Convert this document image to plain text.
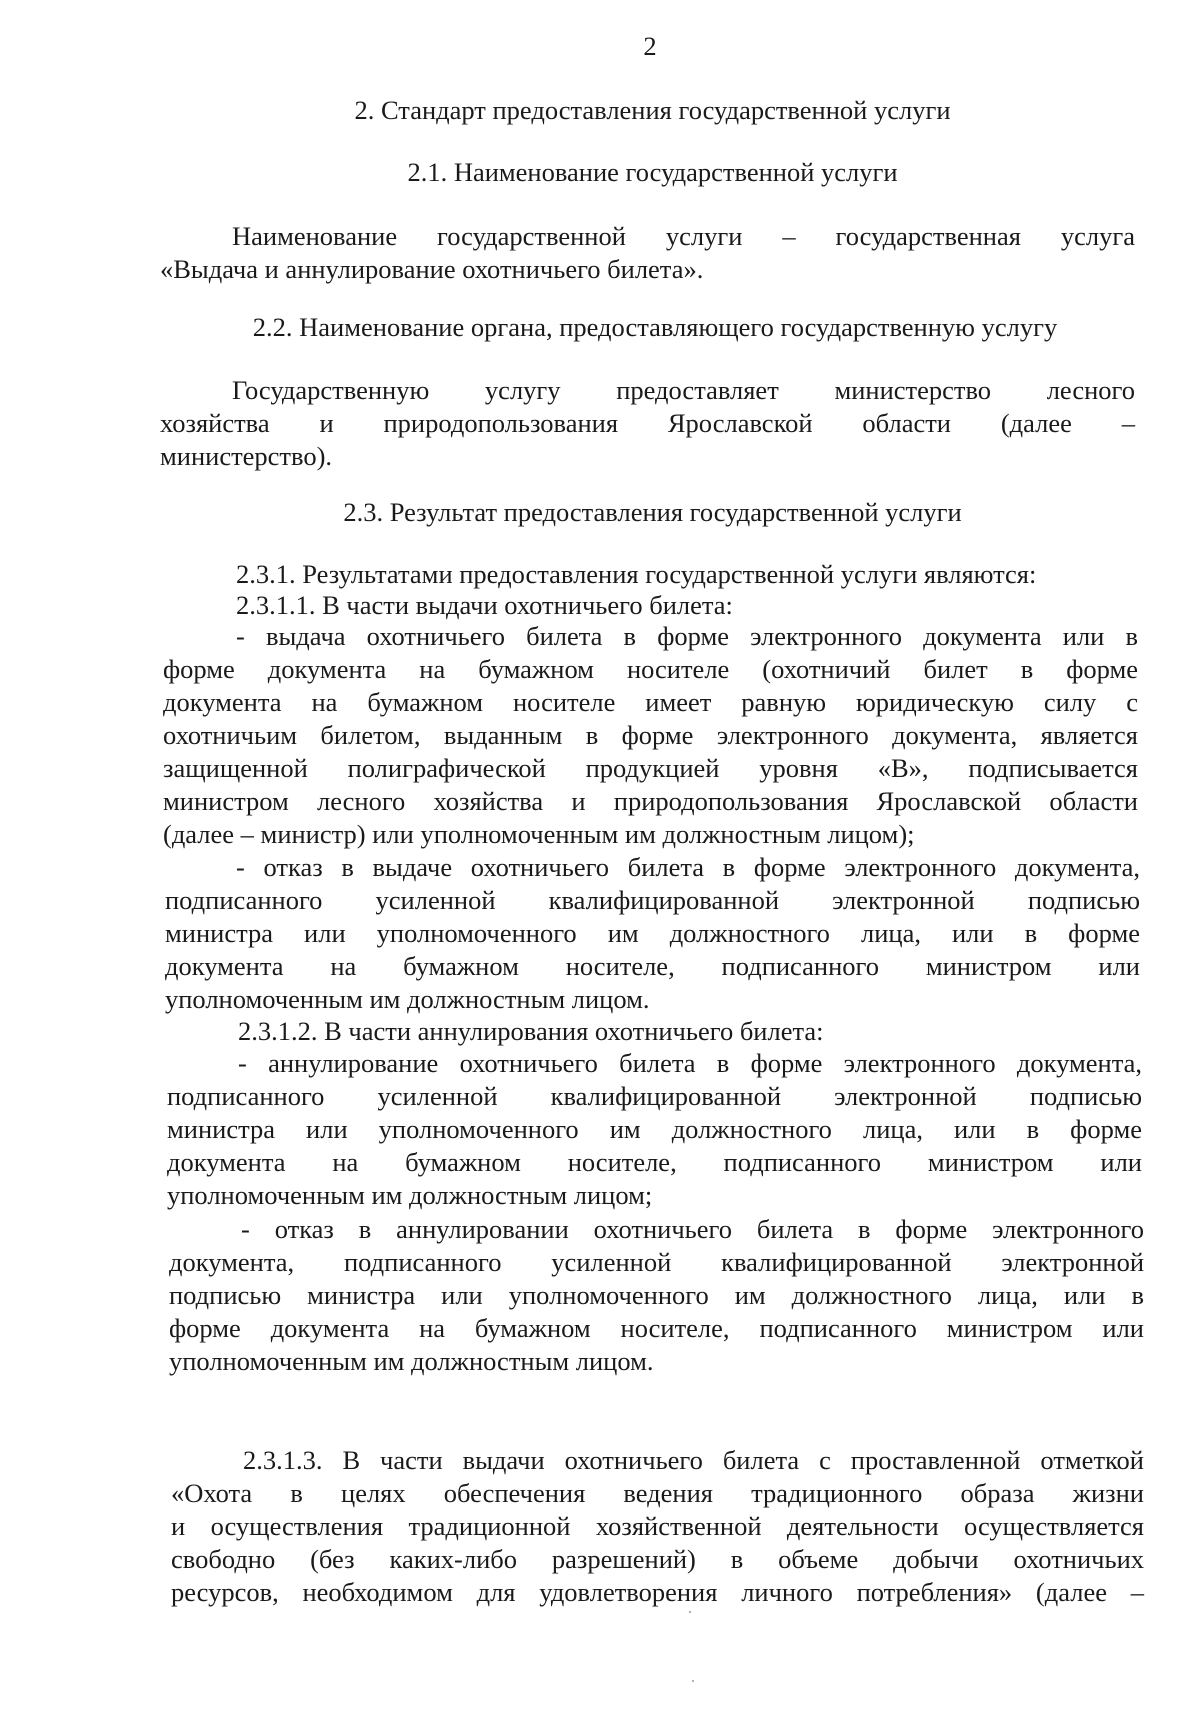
2
2. Стандарт предоставления государственной услуги
2.1. Наименование государственной услуги
Наименование государственной услуги – государственная услуга
«Выдача и аннулирование охотничьего билета».
2.2. Наименование органа, предоставляющего государственную услугу
Государственную услугу предоставляет министерство лесного
хозяйства и природопользования Ярославской области (далее –
министерство).
2.3. Результат предоставления государственной услуги
2.3.1. Результатами предоставления государственной услуги являются:
2.3.1.1. В части выдачи охотничьего билета:
- выдача охотничьего билета в форме электронного документа или в
форме документа на бумажном носителе (охотничий билет в форме
документа на бумажном носителе имеет равную юридическую силу с
охотничьим билетом, выданным в форме электронного документа, является
защищенной полиграфической продукцией уровня «В», подписывается
министром лесного хозяйства и природопользования Ярославской области
(далее – министр) или уполномоченным им должностным лицом);
- отказ в выдаче охотничьего билета в форме электронного документа,
подписанного усиленной квалифицированной электронной подписью
министра или уполномоченного им должностного лица, или в форме
документа на бумажном носителе, подписанного министром или
уполномоченным им должностным лицом.
2.3.1.2. В части аннулирования охотничьего билета:
- аннулирование охотничьего билета в форме электронного документа,
подписанного усиленной квалифицированной электронной подписью
министра или уполномоченного им должностного лица, или в форме
документа на бумажном носителе, подписанного министром или
уполномоченным им должностным лицом;
- отказ в аннулировании охотничьего билета в форме электронного
документа, подписанного усиленной квалифицированной электронной
подписью министра или уполномоченного им должностного лица, или в
форме документа на бумажном носителе, подписанного министром или
уполномоченным им должностным лицом.
2.3.1.3. В части выдачи охотничьего билета с проставленной отметкой
«Охота в целях обеспечения ведения традиционного образа жизни
и осуществления традиционной хозяйственной деятельности осуществляется
свободно (без каких-либо разрешений) в объеме добычи охотничьих
ресурсов, необходимом для удовлетворения личного потребления» (далее –
